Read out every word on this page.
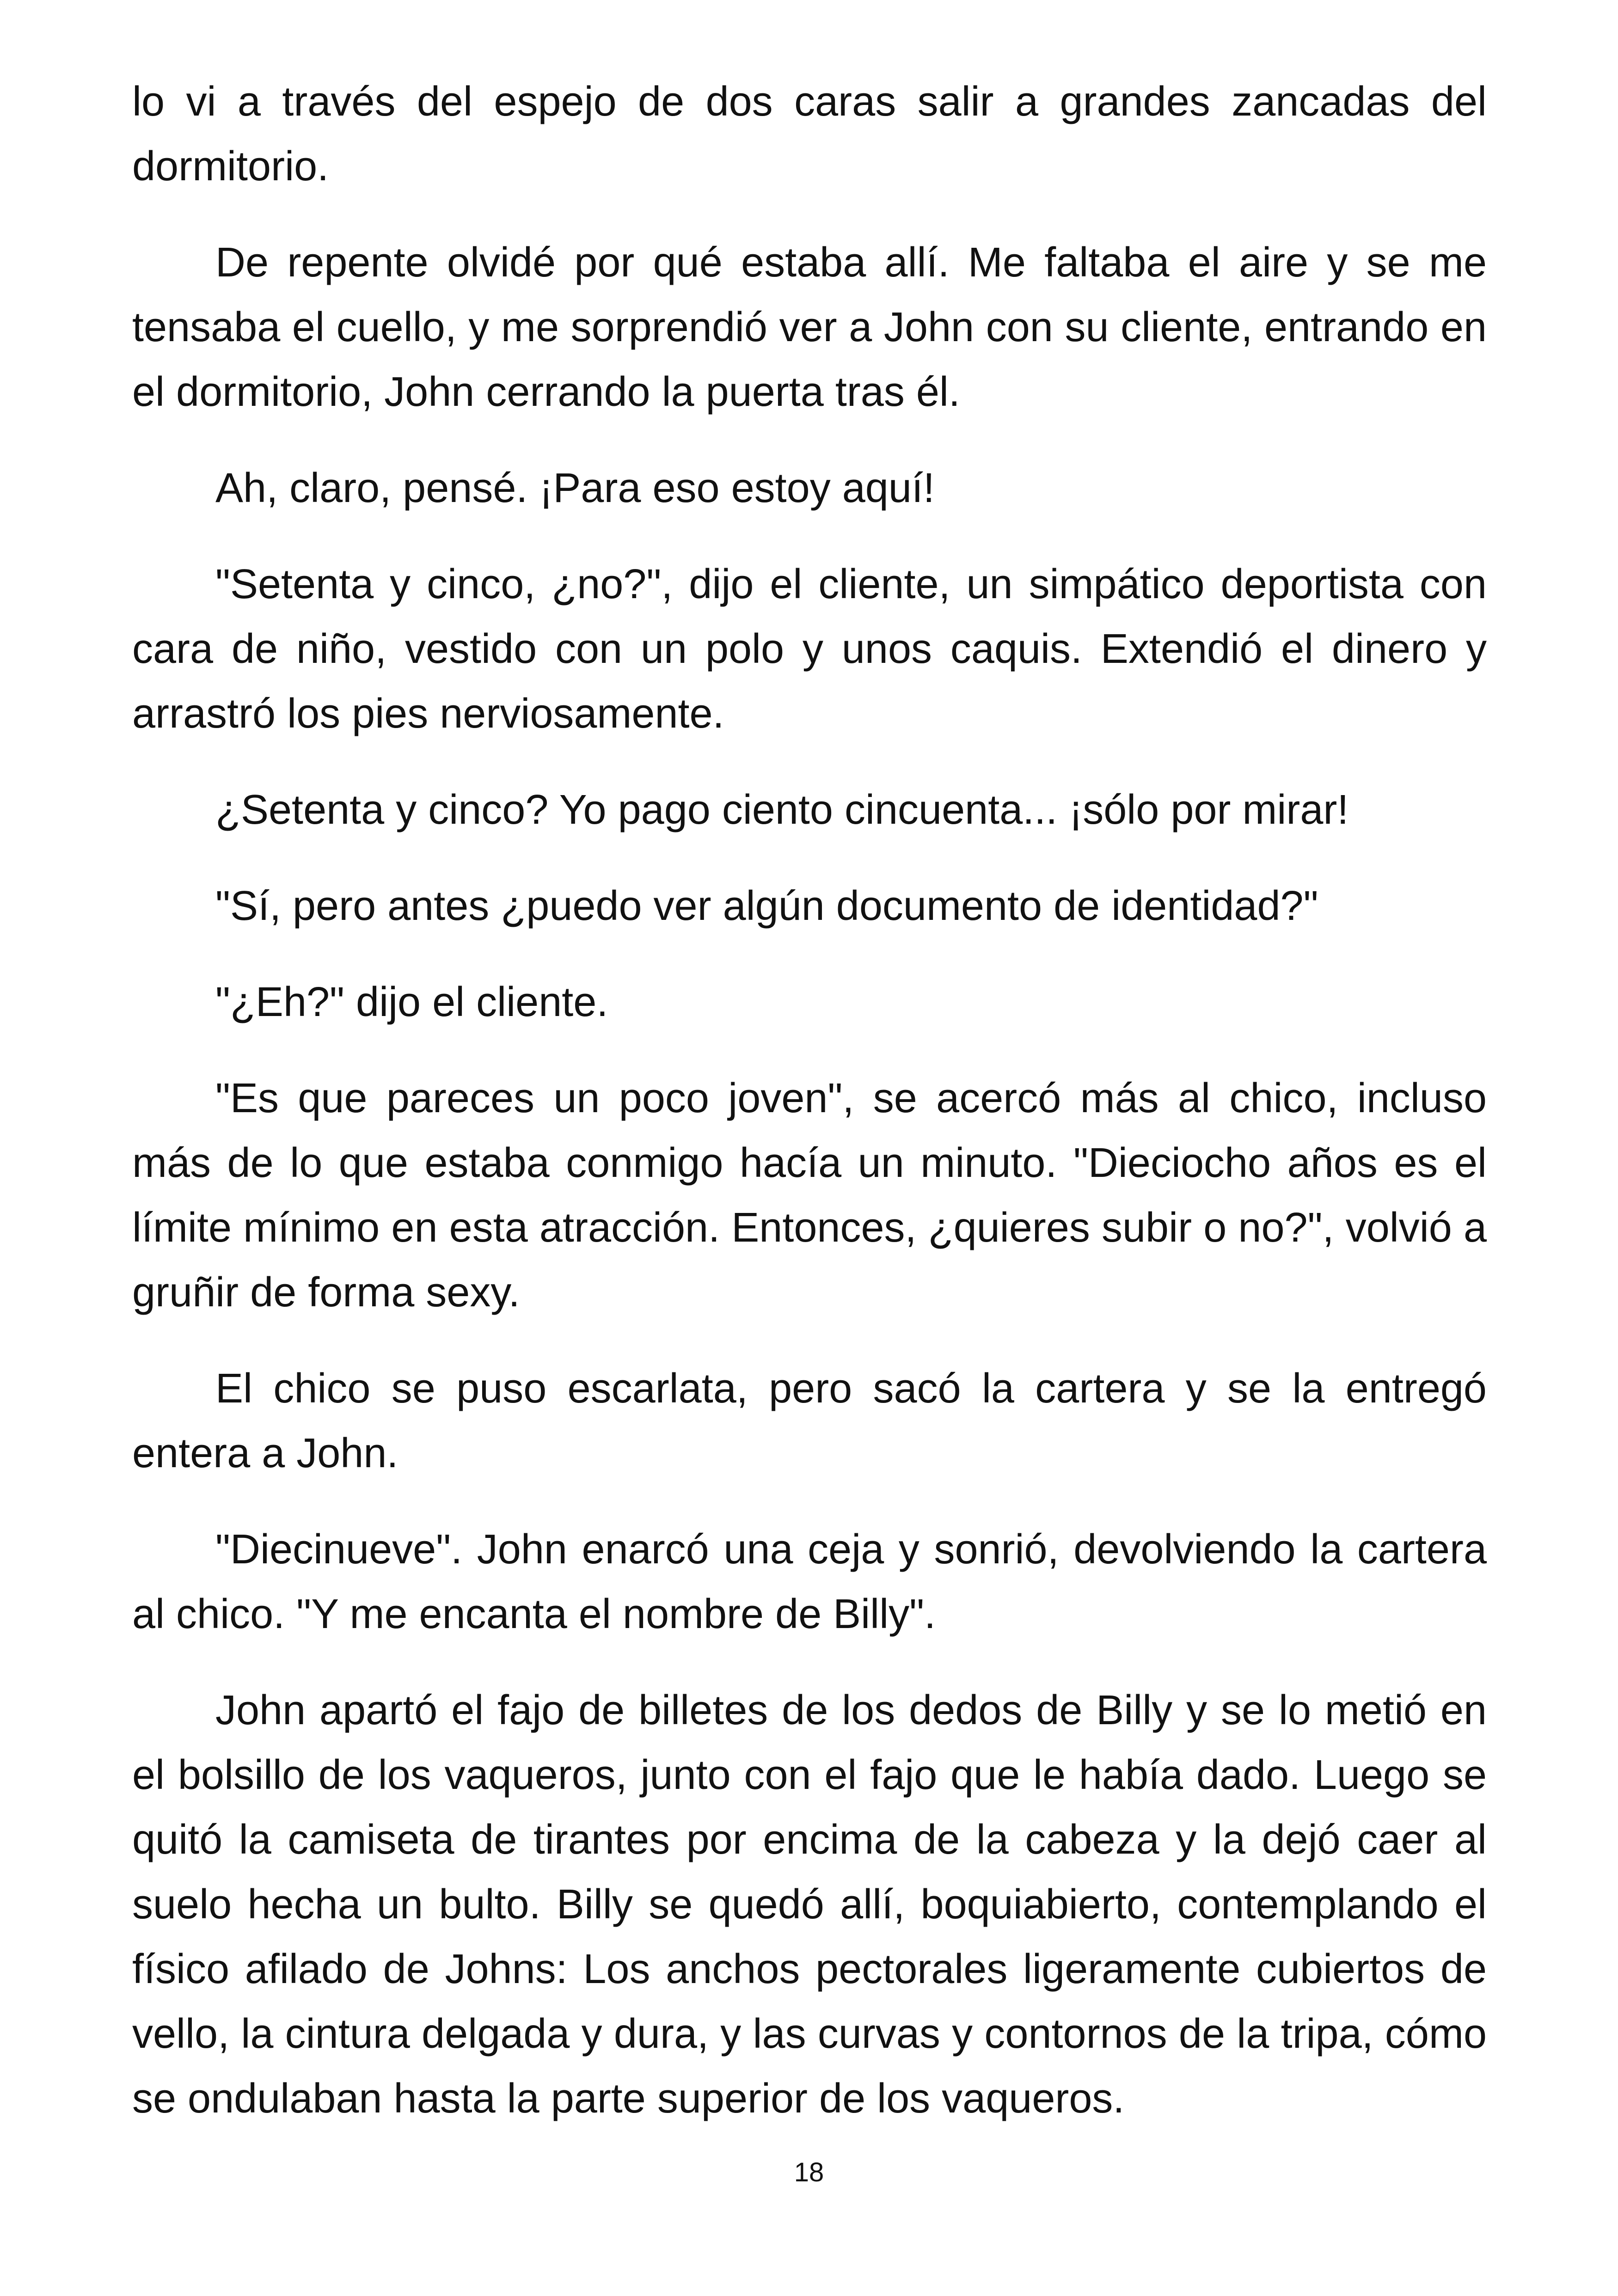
lo vi a través del espejo de dos caras salir a grandes zancadas del dormitorio.

De repente olvidé por qué estaba allí. Me faltaba el aire y se me tensaba el cuello, y me sorprendió ver a John con su cliente, entrando en el dormitorio, John cerrando la puerta tras él.

Ah, claro, pensé. ¡Para eso estoy aquí!

"Setenta y cinco, ¿no?", dijo el cliente, un simpático deportista con cara de niño, vestido con un polo y unos caquis. Extendió el dinero y arrastró los pies nerviosamente.

¿Setenta y cinco? Yo pago ciento cincuenta... ¡sólo por mirar!

"Sí, pero antes ¿puedo ver algún documento de identidad?"

"¿Eh?" dijo el cliente.

"Es que pareces un poco joven", se acercó más al chico, incluso más de lo que estaba conmigo hacía un minuto. "Dieciocho años es el límite mínimo en esta atracción. Entonces, ¿quieres subir o no?", volvió a gruñir de forma sexy.

El chico se puso escarlata, pero sacó la cartera y se la entregó entera a John.

"Diecinueve". John enarcó una ceja y sonrió, devolviendo la cartera al chico. "Y me encanta el nombre de Billy".

John apartó el fajo de billetes de los dedos de Billy y se lo metió en el bolsillo de los vaqueros, junto con el fajo que le había dado. Luego se quitó la camiseta de tirantes por encima de la cabeza y la dejó caer al suelo hecha un bulto. Billy se quedó allí, boquiabierto, contemplando el físico afilado de Johns: Los anchos pectorales ligeramente cubiertos de vello, la cintura delgada y dura, y las curvas y contornos de la tripa, cómo se ondulaban hasta la parte superior de los vaqueros.

18
